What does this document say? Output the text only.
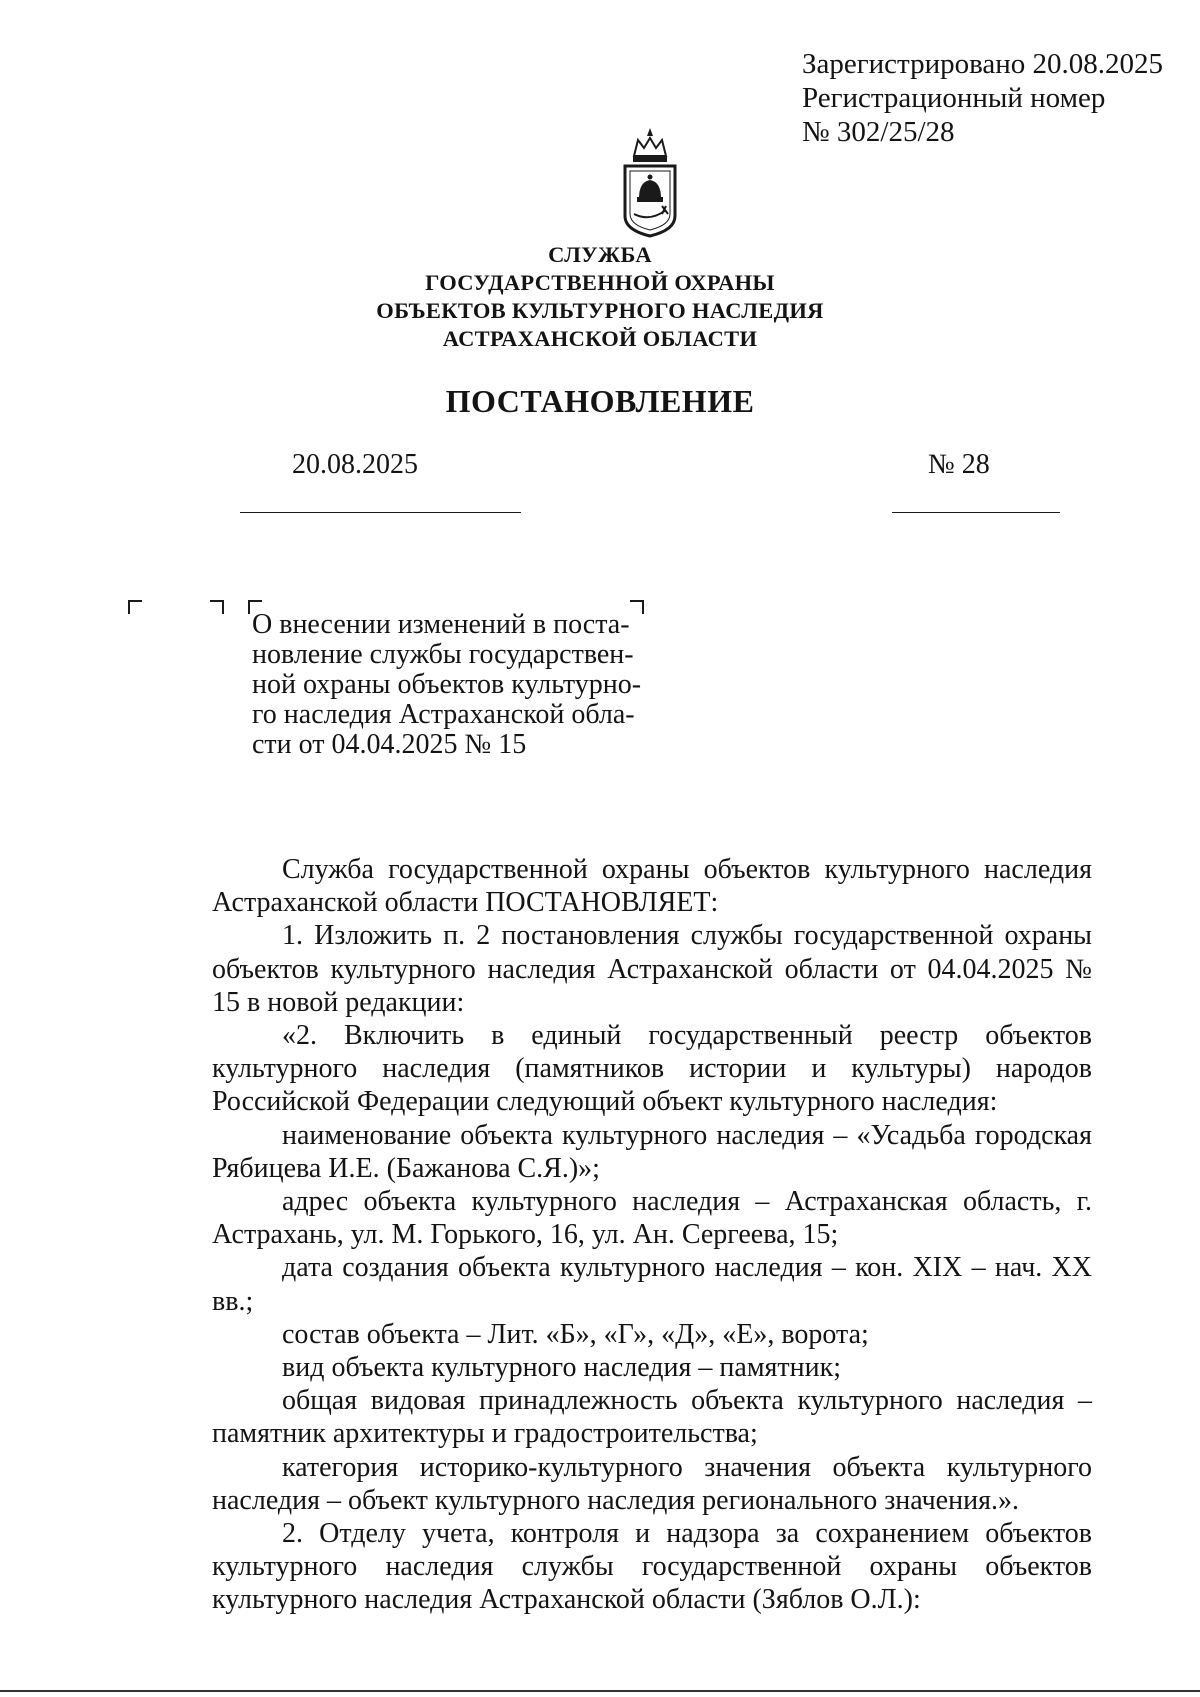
Зарегистрировано 20.08.2025
Регистрационный номер
№ 302/25/28
СЛУЖБА
ГОСУДАРСТВЕННОЙ ОХРАНЫ
ОБЪЕКТОВ КУЛЬТУРНОГО НАСЛЕДИЯ
АСТРАХАНСКОЙ ОБЛАСТИ
ПОСТАНОВЛЕНИЕ
20.08.2025	№ 28
О внесении изменений в поста-
новление службы государствен-
ной охраны объектов культурно-
го наследия Астраханской обла-
сти от 04.04.2025 № 15

Служба государственной охраны объектов культурного наследия Астраханской области ПОСТАНОВЛЯЕТ:

1. Изложить п. 2 постановления службы государственной охраны объектов культурного наследия Астраханской области от 04.04.2025 № 15 в новой редакции:

«2. Включить в единый государственный реестр объектов культурного наследия (памятников истории и культуры) народов Российской Федерации следующий объект культурного наследия:

наименование объекта культурного наследия – «Усадьба городская Рябицева И.Е. (Бажанова С.Я.)»;

адрес объекта культурного наследия – Астраханская область, г. Астрахань, ул. М. Горького, 16, ул. Ан. Сергеева, 15;

дата создания объекта культурного наследия – кон. XIX – нач. XX вв.;

состав объекта – Лит. «Б», «Г», «Д», «Е», ворота;

вид объекта культурного наследия – памятник;

общая видовая принадлежность объекта культурного наследия – памятник архитектуры и градостроительства;

категория историко-культурного значения объекта культурного наследия – объект культурного наследия регионального значения.».

2. Отделу учета, контроля и надзора за сохранением объектов культурного наследия службы государственной охраны объектов культурного наследия Астраханской области (Зяблов О.Л.):
